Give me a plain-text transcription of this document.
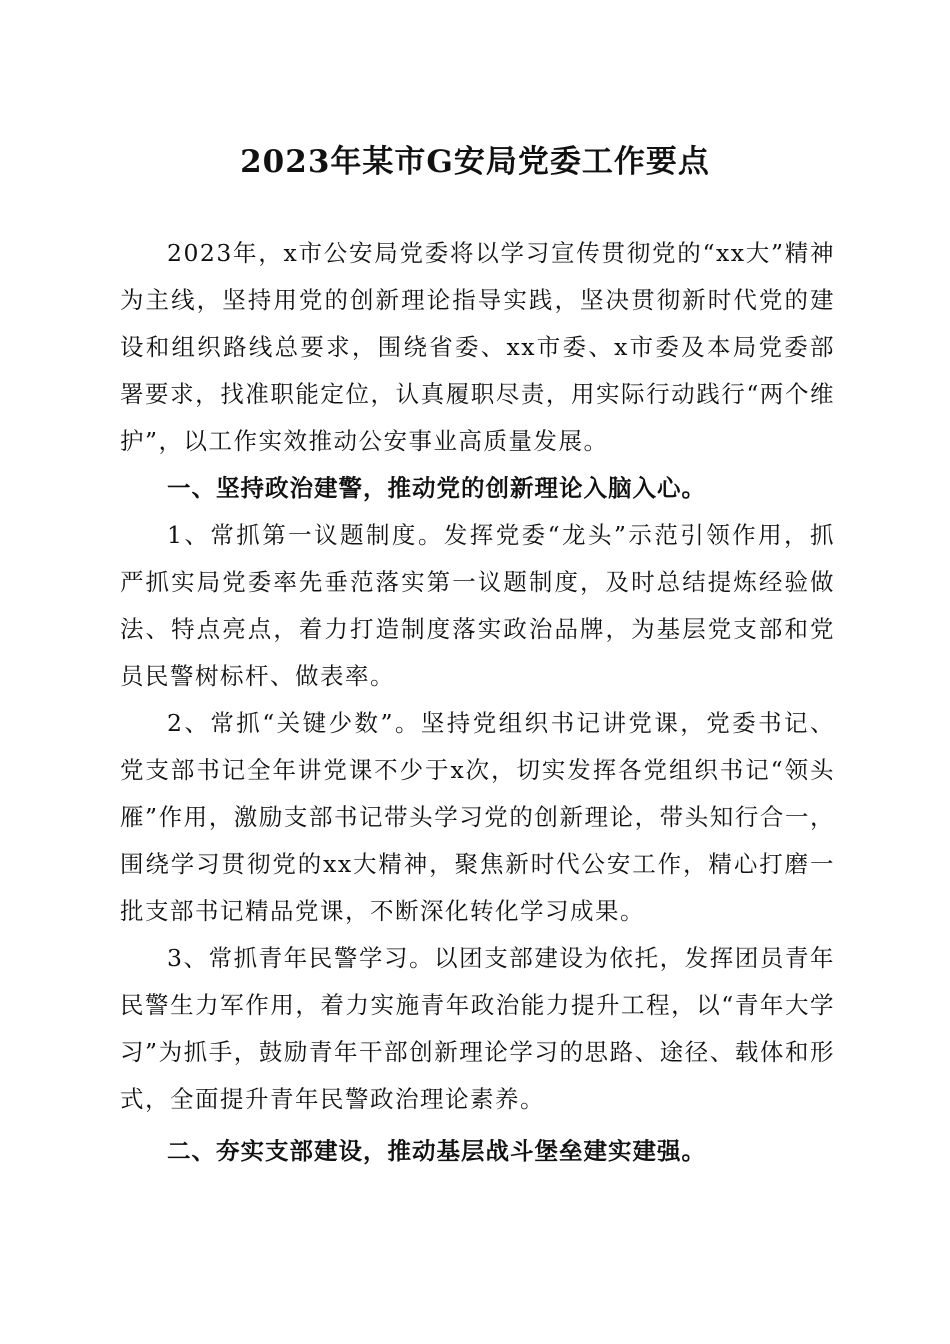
2023年某市G安局党委工作要点

2023年，x市公安局党委将以学习宣传贯彻党的“xx大”精神为主线，坚持用党的创新理论指导实践，坚决贯彻新时代党的建设和组织路线总要求，围绕省委、xx市委、x市委及本局党委部署要求，找准职能定位，认真履职尽责，用实际行动践行“两个维护”，以工作实效推动公安事业高质量发展。

一、坚持政治建警，推动党的创新理论入脑入心。

1、常抓第一议题制度。发挥党委“龙头”示范引领作用，抓严抓实局党委率先垂范落实第一议题制度，及时总结提炼经验做法、特点亮点，着力打造制度落实政治品牌，为基层党支部和党员民警树标杆、做表率。

2、常抓“关键少数”。坚持党组织书记讲党课，党委书记、党支部书记全年讲党课不少于x次，切实发挥各党组织书记“领头雁”作用，激励支部书记带头学习党的创新理论，带头知行合一，围绕学习贯彻党的xx大精神，聚焦新时代公安工作，精心打磨一批支部书记精品党课，不断深化转化学习成果。

3、常抓青年民警学习。以团支部建设为依托，发挥团员青年民警生力军作用，着力实施青年政治能力提升工程，以“青年大学习”为抓手，鼓励青年干部创新理论学习的思路、途径、载体和形式，全面提升青年民警政治理论素养。

二、夯实支部建设，推动基层战斗堡垒建实建强。
